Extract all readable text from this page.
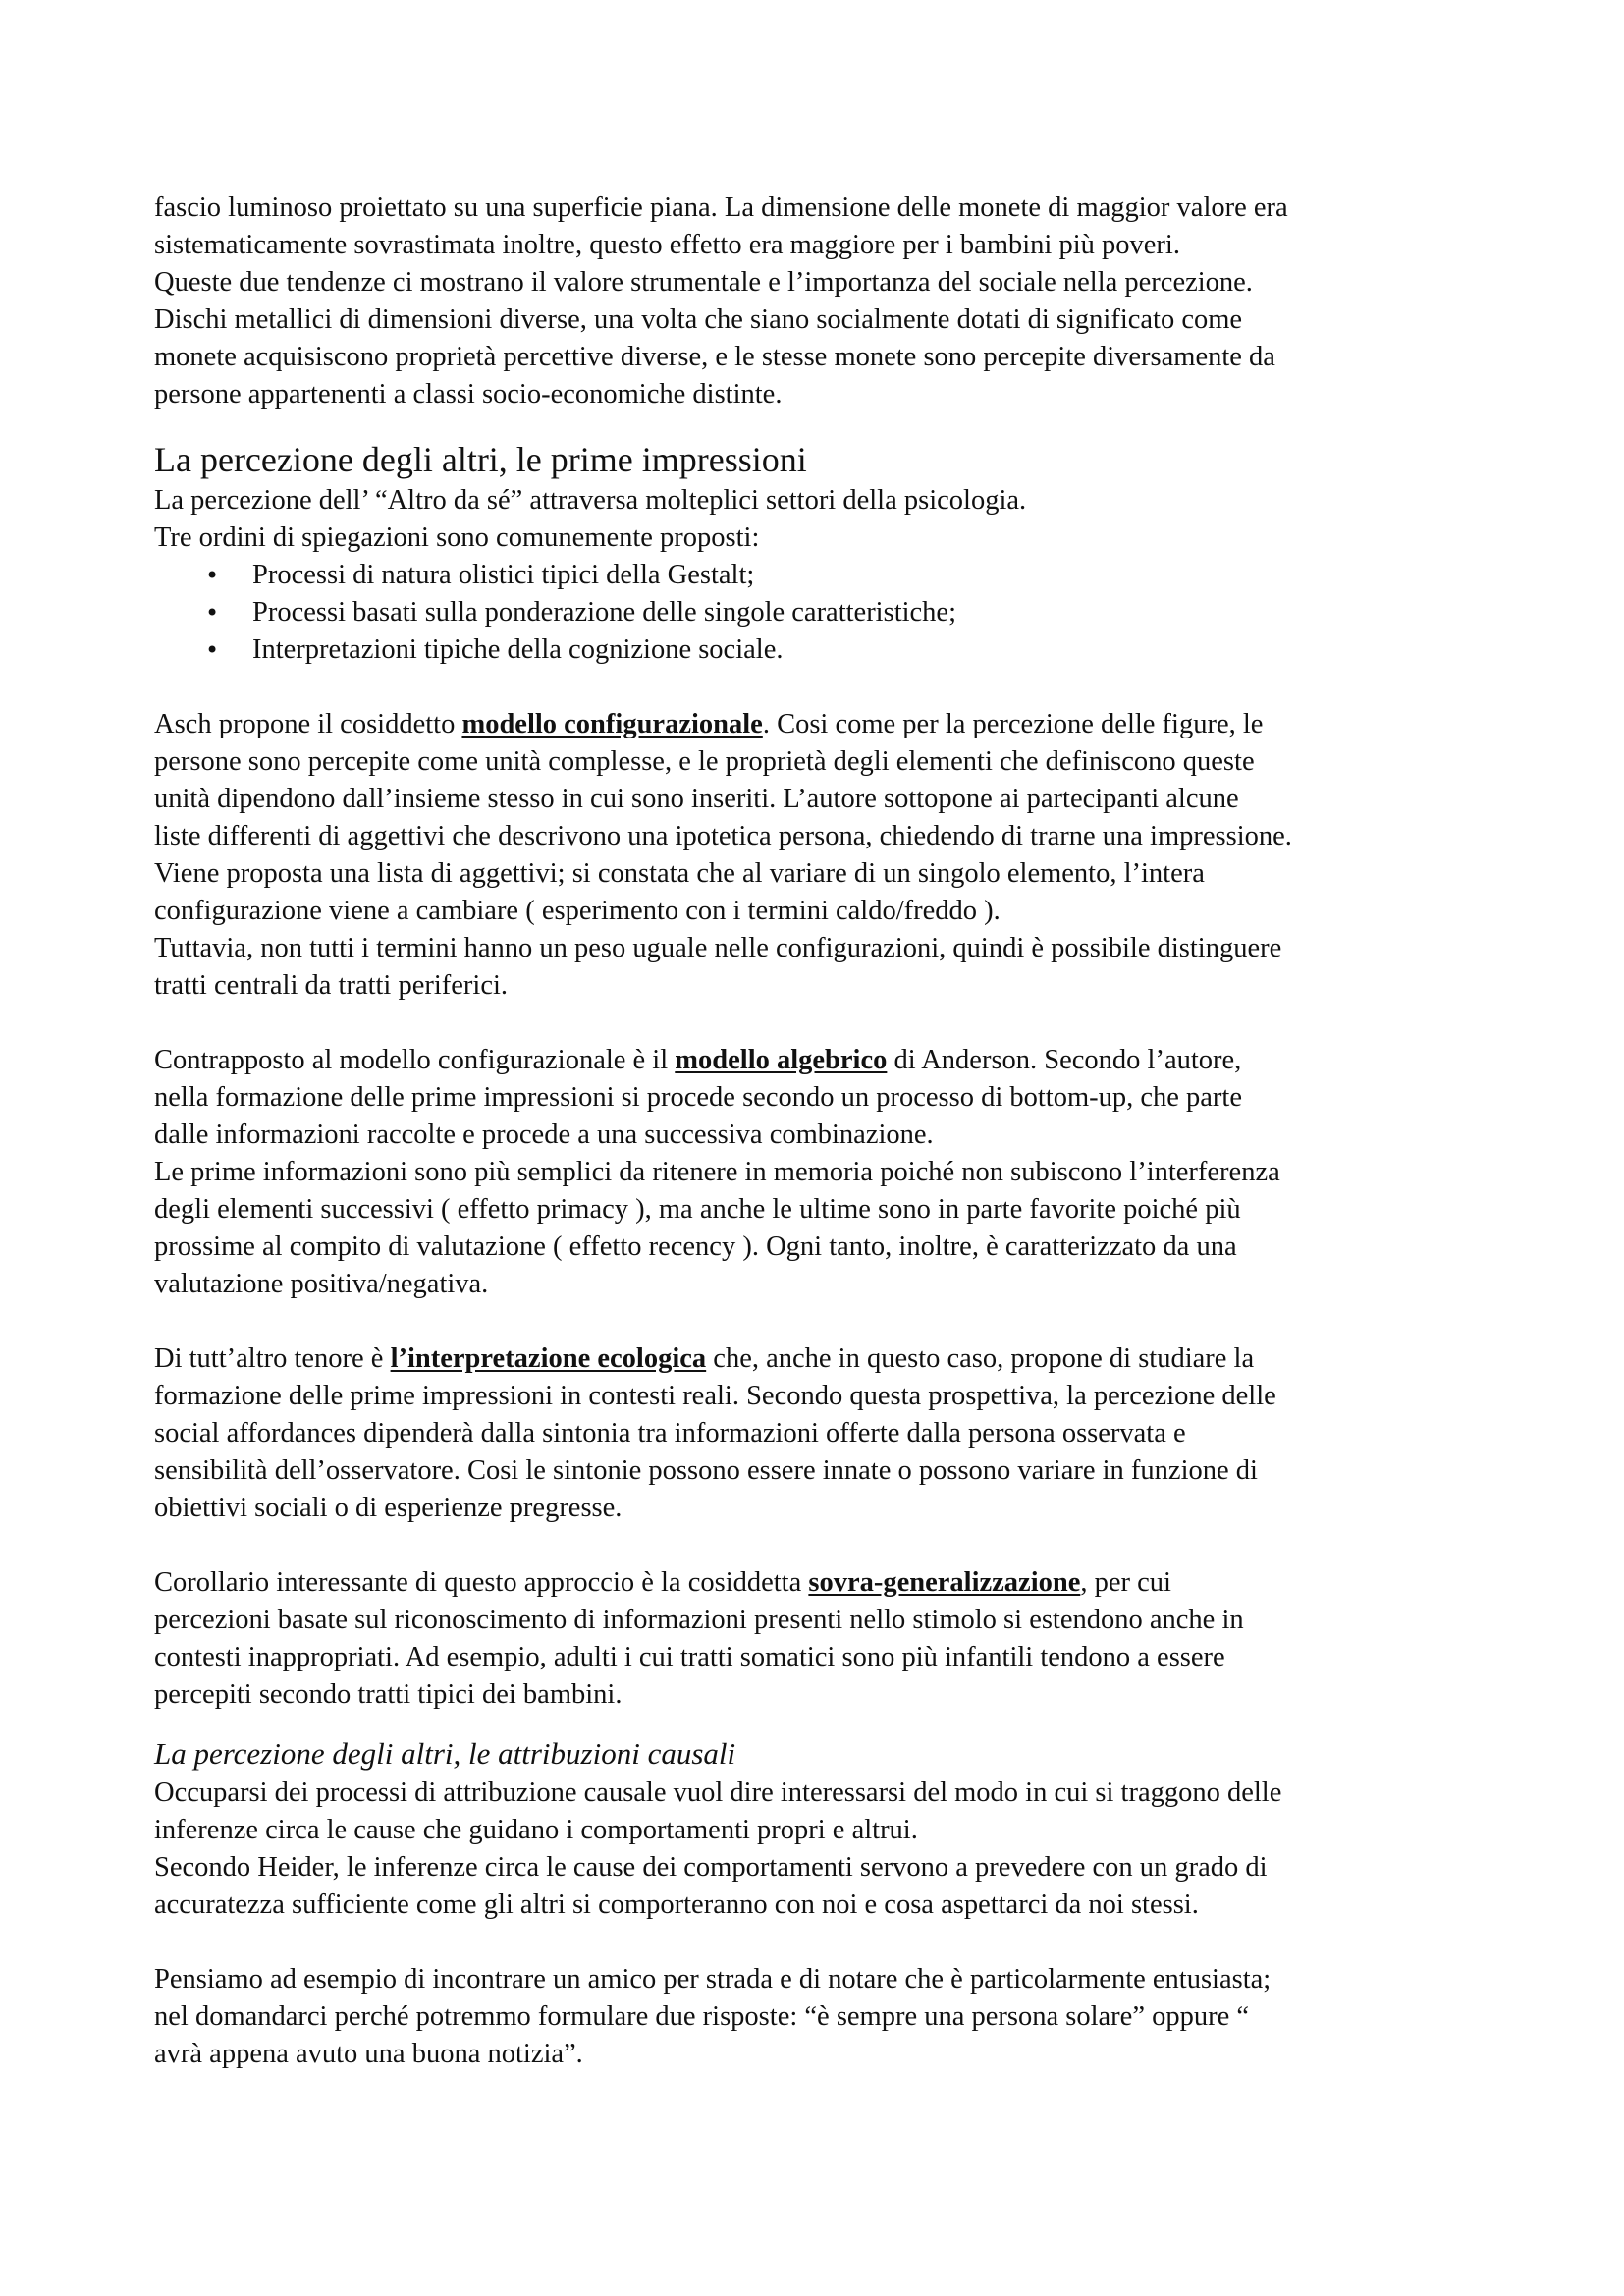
fascio luminoso proiettato su una superficie piana. La dimensione delle monete di maggior valore era
sistematicamente sovrastimata inoltre, questo effetto era maggiore per i bambini più poveri.
Queste due tendenze ci mostrano il valore strumentale e l’importanza del sociale nella percezione.
Dischi metallici di dimensioni diverse, una volta che siano socialmente dotati di significato come
monete acquisiscono proprietà percettive diverse, e le stesse monete sono percepite diversamente da
persone appartenenti a classi socio-economiche distinte.
La percezione degli altri, le prime impressioni
La percezione dell’ “Altro da sé” attraversa molteplici settori della psicologia.
Tre ordini di spiegazioni sono comunemente proposti:
• Processi di natura olistici tipici della Gestalt;
• Processi basati sulla ponderazione delle singole caratteristiche;
• Interpretazioni tipiche della cognizione sociale.
Asch propone il cosiddetto modello configurazionale. Cosi come per la percezione delle figure, le
persone sono percepite come unità complesse, e le proprietà degli elementi che definiscono queste
unità dipendono dall’insieme stesso in cui sono inseriti. L’autore sottopone ai partecipanti alcune
liste differenti di aggettivi che descrivono una ipotetica persona, chiedendo di trarne una impressione.
Viene proposta una lista di aggettivi; si constata che al variare di un singolo elemento, l’intera
configurazione viene a cambiare ( esperimento con i termini caldo/freddo ).
Tuttavia, non tutti i termini hanno un peso uguale nelle configurazioni, quindi è possibile distinguere
tratti centrali da tratti periferici.
Contrapposto al modello configurazionale è il modello algebrico di Anderson. Secondo l’autore,
nella formazione delle prime impressioni si procede secondo un processo di bottom-up, che parte
dalle informazioni raccolte e procede a una successiva combinazione.
Le prime informazioni sono più semplici da ritenere in memoria poiché non subiscono l’interferenza
degli elementi successivi ( effetto primacy ), ma anche le ultime sono in parte favorite poiché più
prossime al compito di valutazione ( effetto recency ). Ogni tanto, inoltre, è caratterizzato da una
valutazione positiva/negativa.
Di tutt’altro tenore è l’interpretazione ecologica che, anche in questo caso, propone di studiare la
formazione delle prime impressioni in contesti reali. Secondo questa prospettiva, la percezione delle
social affordances dipenderà dalla sintonia tra informazioni offerte dalla persona osservata e
sensibilità dell’osservatore. Cosi le sintonie possono essere innate o possono variare in funzione di
obiettivi sociali o di esperienze pregresse.
Corollario interessante di questo approccio è la cosiddetta sovra-generalizzazione, per cui
percezioni basate sul riconoscimento di informazioni presenti nello stimolo si estendono anche in
contesti inappropriati. Ad esempio, adulti i cui tratti somatici sono più infantili tendono a essere
percepiti secondo tratti tipici dei bambini.
La percezione degli altri, le attribuzioni causali
Occuparsi dei processi di attribuzione causale vuol dire interessarsi del modo in cui si traggono delle
inferenze circa le cause che guidano i comportamenti propri e altrui.
Secondo Heider, le inferenze circa le cause dei comportamenti servono a prevedere con un grado di
accuratezza sufficiente come gli altri si comporteranno con noi e cosa aspettarci da noi stessi.
Pensiamo ad esempio di incontrare un amico per strada e di notare che è particolarmente entusiasta;
nel domandarci perché potremmo formulare due risposte: “è sempre una persona solare” oppure “
avrà appena avuto una buona notizia”.
